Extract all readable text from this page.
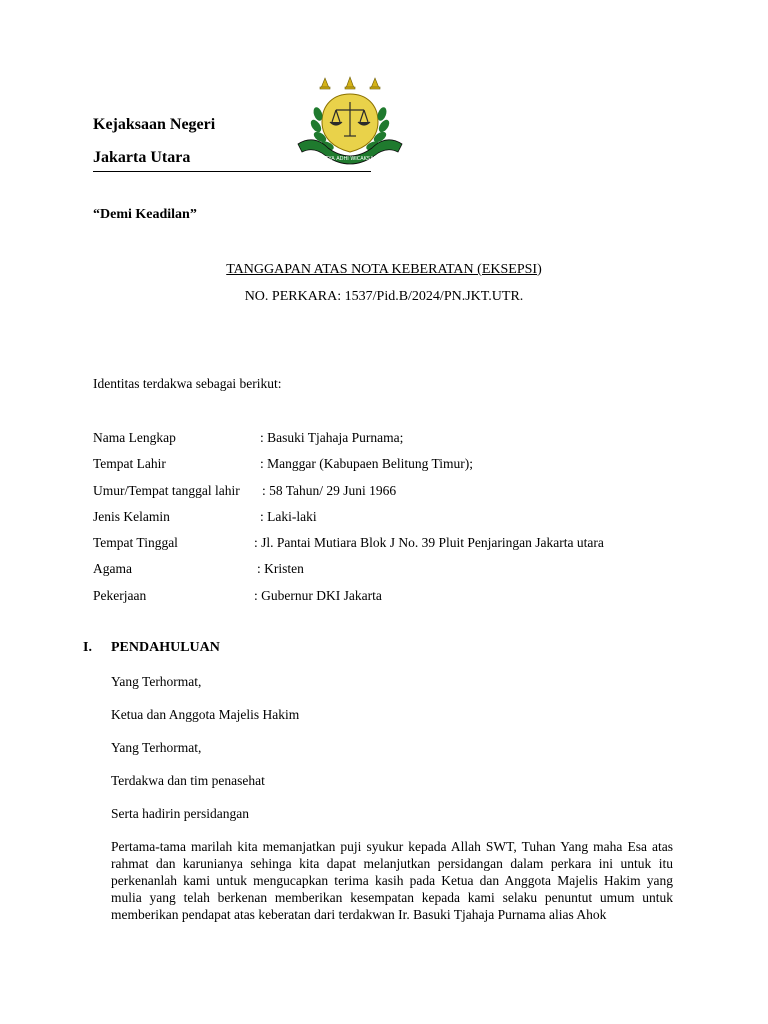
Kejaksaan Negeri
Jakarta Utara	SATYA ADHI WICAKSANA
“Demi Keadilan”
TANGGAPAN ATAS NOTA KEBERATAN (EKSEPSI)
NO. PERKARA: 1537/Pid.B/2024/PN.JKT.UTR.
Identitas terdakwa sebagai berikut:
Nama Lengkap	: Basuki Tjahaja Purnama;
Tempat Lahir	: Manggar (Kabupaen Belitung Timur);
Umur/Tempat tanggal lahir : 58 Tahun/ 29 Juni 1966
Jenis Kelamin	: Laki-laki
Tempat Tinggal	: Jl. Pantai Mutiara Blok J No. 39 Pluit Penjaringan Jakarta utara
Agama	: Kristen
Pekerjaan	: Gubernur DKI Jakarta
I. PENDAHULUAN
Yang Terhormat,
Ketua dan Anggota Majelis Hakim
Yang Terhormat,
Terdakwa dan tim penasehat
Serta hadirin persidangan
Pertama-tama marilah kita memanjatkan puji syukur kepada Allah SWT, Tuhan Yang maha Esa atas rahmat dan karunianya sehinga kita dapat melanjutkan persidangan dalam perkara ini untuk itu perkenanlah kami untuk mengucapkan terima kasih pada Ketua dan Anggota Majelis Hakim yang mulia yang telah berkenan memberikan kesempatan kepada kami selaku penuntut umum untuk memberikan pendapat atas keberatan dari terdakwan Ir. Basuki Tjahaja Purnama alias Ahok
